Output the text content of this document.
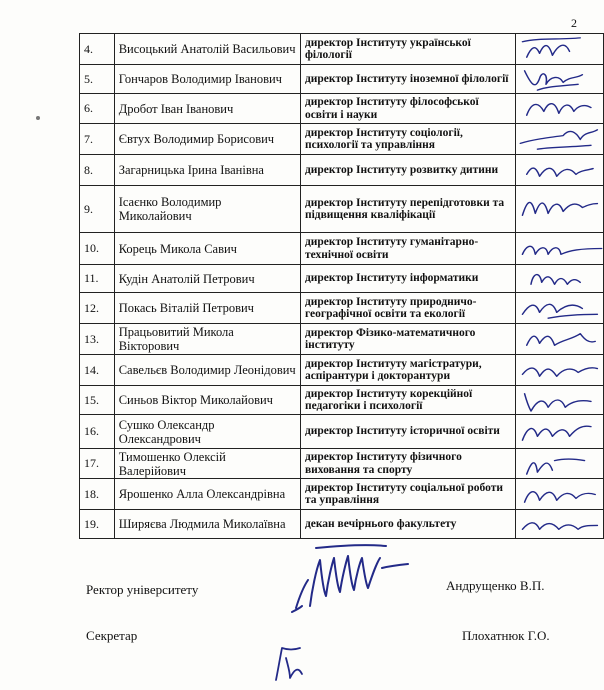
2
4.	Висоцький Анатолій Васильович	директор Інституту української філології	

5.	Гончаров Володимир Іванович	директор Інституту іноземної філології	

6.	Дробот Іван Іванович	директор Інституту філософської освіти і науки	

7.	Євтух Володимир Борисович	директор Інституту соціології, психології та управління	

8.	Загарницька Ірина Іванівна	директор Інституту розвитку дитини	

9.	Ісаєнко Володимир Миколайович	директор Інституту перепідготовки та підвищення кваліфікації	

10.	Корець Микола Савич	директор Інституту гуманітарно-технічної освіти	

11.	Кудін Анатолій Петрович	директор Інституту інформатики	

12.	Покась Віталій Петрович	директор Інституту природничо-географічної освіти та екології	

13.	Працьовитий Микола Вікторович	директор Фізико-математичного інституту	

14.	Савельєв Володимир Леонідович	директор Інституту магістратури, аспірантури і докторантури	

15.	Синьов Віктор Миколайович	директор Інституту корекційної педагогіки і психології	

16.	Сушко Олександр Олександрович	директор Інституту історичної освіти	

17.	Тимошенко Олексій Валерійович	директор Інституту фізичного виховання та спорту	

18.	Ярошенко Алла Олександрівна	директор Інституту соціальної роботи та управління	

19.	Ширяєва Людмила Миколаївна	декан вечірнього факультету	
Ректор університету	Андрущенко В.П.
Секретар	Плохатнюк Г.О.
